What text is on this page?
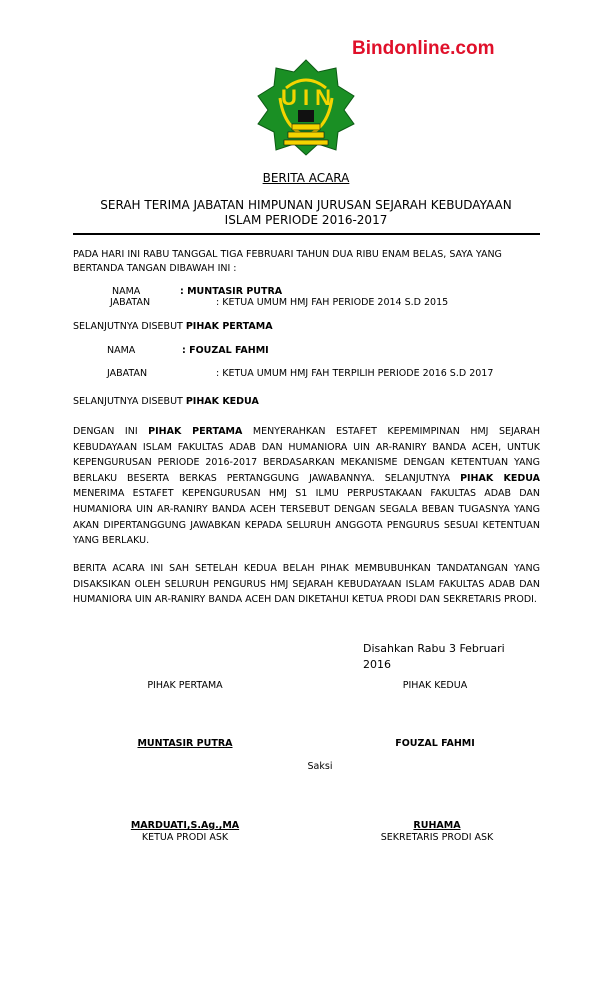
Bindonline.com
U I N
BERITA ACARA
SERAH TERIMA JABATAN HIMPUNAN JURUSAN SEJARAH KEBUDAYAAN
ISLAM PERIODE 2016-2017
PADA HARI INI RABU TANGGAL TIGA FEBRUARI TAHUN DUA RIBU ENAM BELAS, SAYA YANG
BERTANDA TANGAN DIBAWAH INI :
NAMA	: MUNTASIR PUTRA
JABATAN	: KETUA UMUM HMJ FAH PERIODE 2014 S.D 2015
SELANJUTNYA DISEBUT PIHAK PERTAMA
NAMA	: FOUZAL FAHMI
JABATAN	: KETUA UMUM HMJ FAH TERPILIH PERIODE 2016 S.D 2017
SELANJUTNYA DISEBUT PIHAK KEDUA
DENGAN INI PIHAK PERTAMA MENYERAHKAN ESTAFET KEPEMIMPINAN HMJ SEJARAH KEBUDAYAAN ISLAM FAKULTAS ADAB DAN HUMANIORA UIN AR-RANIRY BANDA ACEH, UNTUK KEPENGURUSAN PERIODE 2016-2017 BERDASARKAN MEKANISME DENGAN KETENTUAN YANG BERLAKU BESERTA BERKAS PERTANGGUNG JAWABANNYA. SELANJUTNYA PIHAK KEDUA MENERIMA ESTAFET KEPENGURUSAN HMJ S1 ILMU PERPUSTAKAAN FAKULTAS ADAB DAN HUMANIORA UIN AR-RANIRY BANDA ACEH TERSEBUT DENGAN SEGALA BEBAN TUGASNYA YANG AKAN DIPERTANGGUNG JAWABKAN KEPADA SELURUH ANGGOTA PENGURUS SESUAI KETENTUAN YANG BERLAKU.
BERITA ACARA INI SAH SETELAH KEDUA BELAH PIHAK MEMBUBUHKAN TANDATANGAN YANG DISAKSIKAN OLEH SELURUH PENGURUS HMJ SEJARAH KEBUDAYAAN ISLAM FAKULTAS ADAB DAN HUMANIORA UIN AR-RANIRY BANDA ACEH DAN DIKETAHUI KETUA PRODI DAN SEKRETARIS PRODI.
Disahkan Rabu 3 Februari
2016
PIHAK PERTAMA	PIHAK KEDUA
MUNTASIR PUTRA	FOUZAL FAHMI
Saksi
MARDUATI,S.Ag.,MA
KETUA PRODI ASK
RUHAMA
SEKRETARIS PRODI ASK
